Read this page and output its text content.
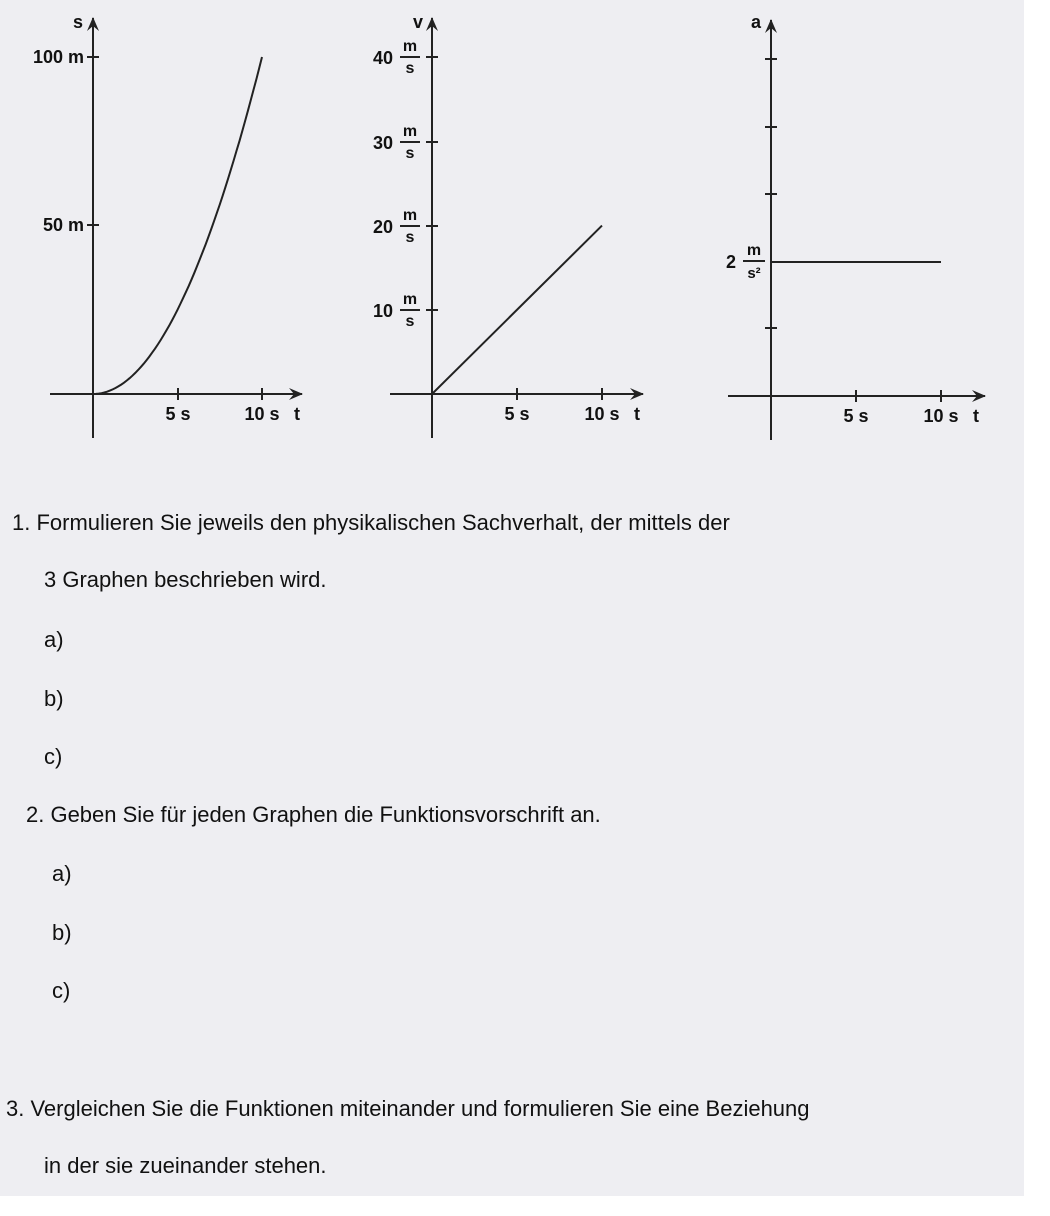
s
100 m
50 m
5 s	10 s t
v
40
m
s
30
m
s
20
m
s
10
m
s
5 s	10 s t
a
2
m
s²
5 s	10 s t
1. Formulieren Sie jeweils den physikalischen Sachverhalt, der mittels der
3 Graphen beschrieben wird.
a)
b)
c)
2. Geben Sie für jeden Graphen die Funktionsvorschrift an.
a)
b)
c)
3. Vergleichen Sie die Funktionen miteinander und formulieren Sie eine Beziehung
in der sie zueinander stehen.
